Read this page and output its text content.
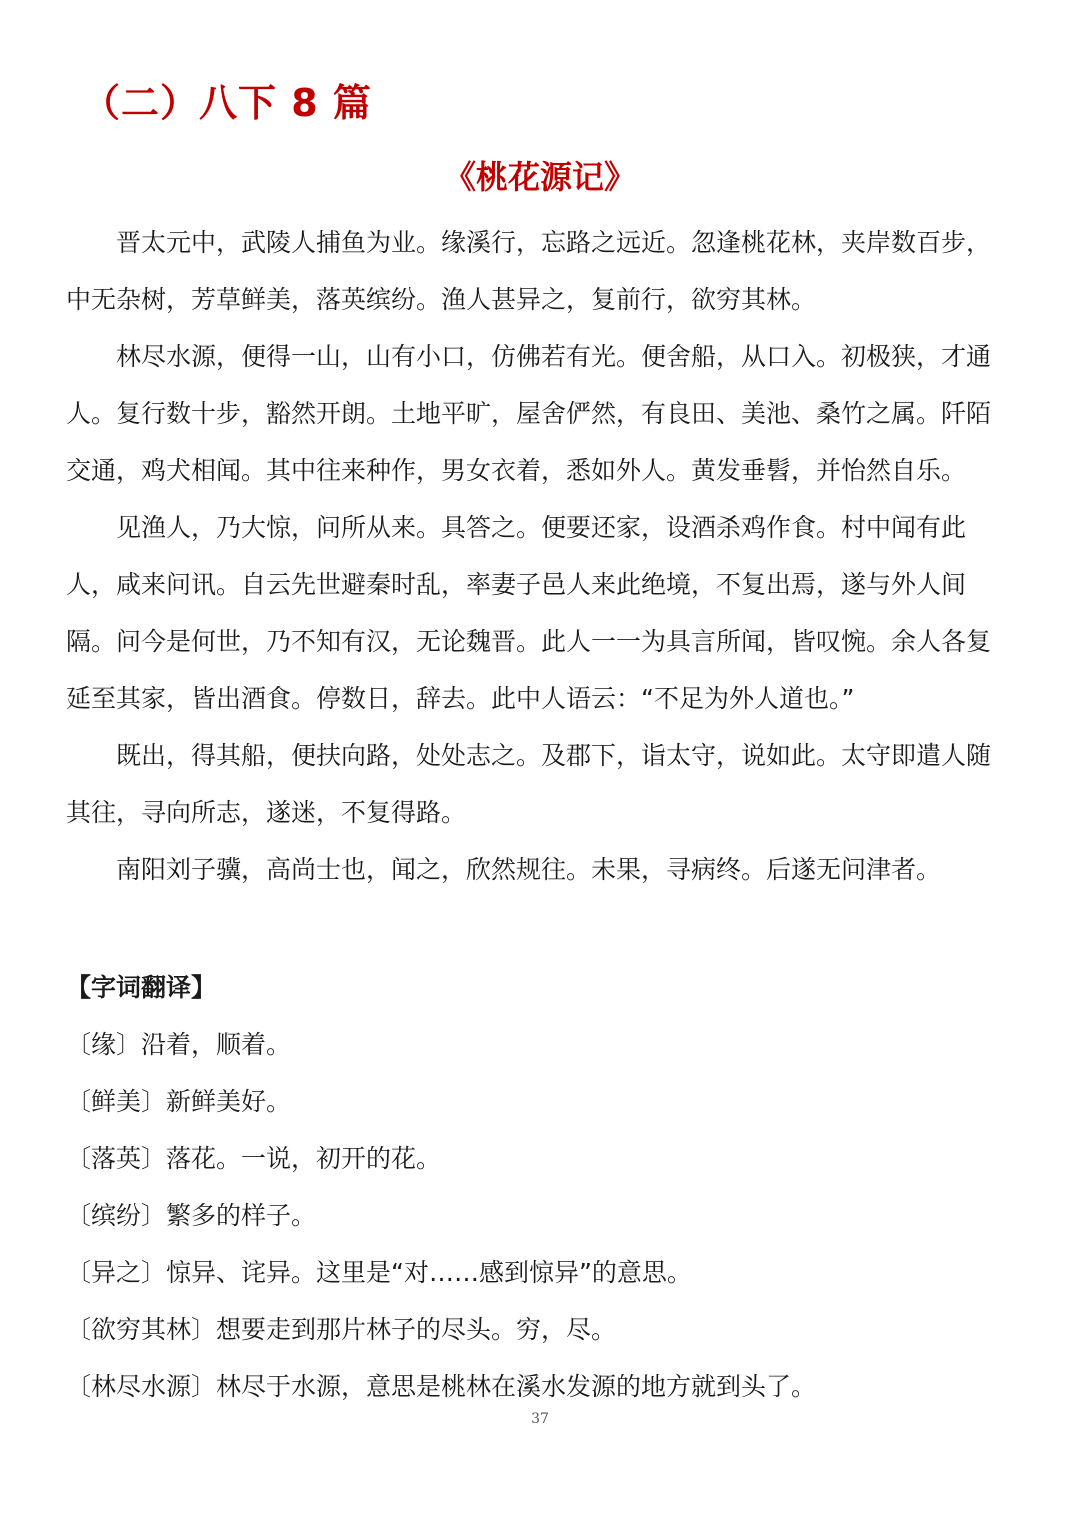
（二）八下 8 篇
《桃花源记》

晋太元中，武陵人捕鱼为业。缘溪行，忘路之远近。忽逢桃花林，夹岸数百步，中无杂树，芳草鲜美，落英缤纷。渔人甚异之，复前行，欲穷其林。

林尽水源，便得一山，山有小口，仿佛若有光。便舍船，从口入。初极狭，才通人。复行数十步，豁然开朗。土地平旷，屋舍俨然，有良田、美池、桑竹之属。阡陌交通，鸡犬相闻。其中往来种作，男女衣着，悉如外人。黄发垂髫，并怡然自乐。

见渔人，乃大惊，问所从来。具答之。便要还家，设酒杀鸡作食。村中闻有此人，咸来问讯。自云先世避秦时乱，率妻子邑人来此绝境，不复出焉，遂与外人间隔。问今是何世，乃不知有汉，无论魏晋。此人一一为具言所闻，皆叹惋。余人各复延至其家，皆出酒食。停数日，辞去。此中人语云：“不足为外人道也。”

既出，得其船，便扶向路，处处志之。及郡下，诣太守，说如此。太守即遣人随其往，寻向所志，遂迷，不复得路。

南阳刘子骥，高尚士也，闻之，欣然规往。未果，寻病终。后遂无问津者。

【字词翻译】
〔缘〕沿着，顺着。
〔鲜美〕新鲜美好。
〔落英〕落花。一说，初开的花。
〔缤纷〕繁多的样子。
〔异之〕惊异、诧异。这里是“对……感到惊异”的意思。
〔欲穷其林〕想要走到那片林子的尽头。穷，尽。
〔林尽水源〕林尽于水源，意思是桃林在溪水发源的地方就到头了。
37
